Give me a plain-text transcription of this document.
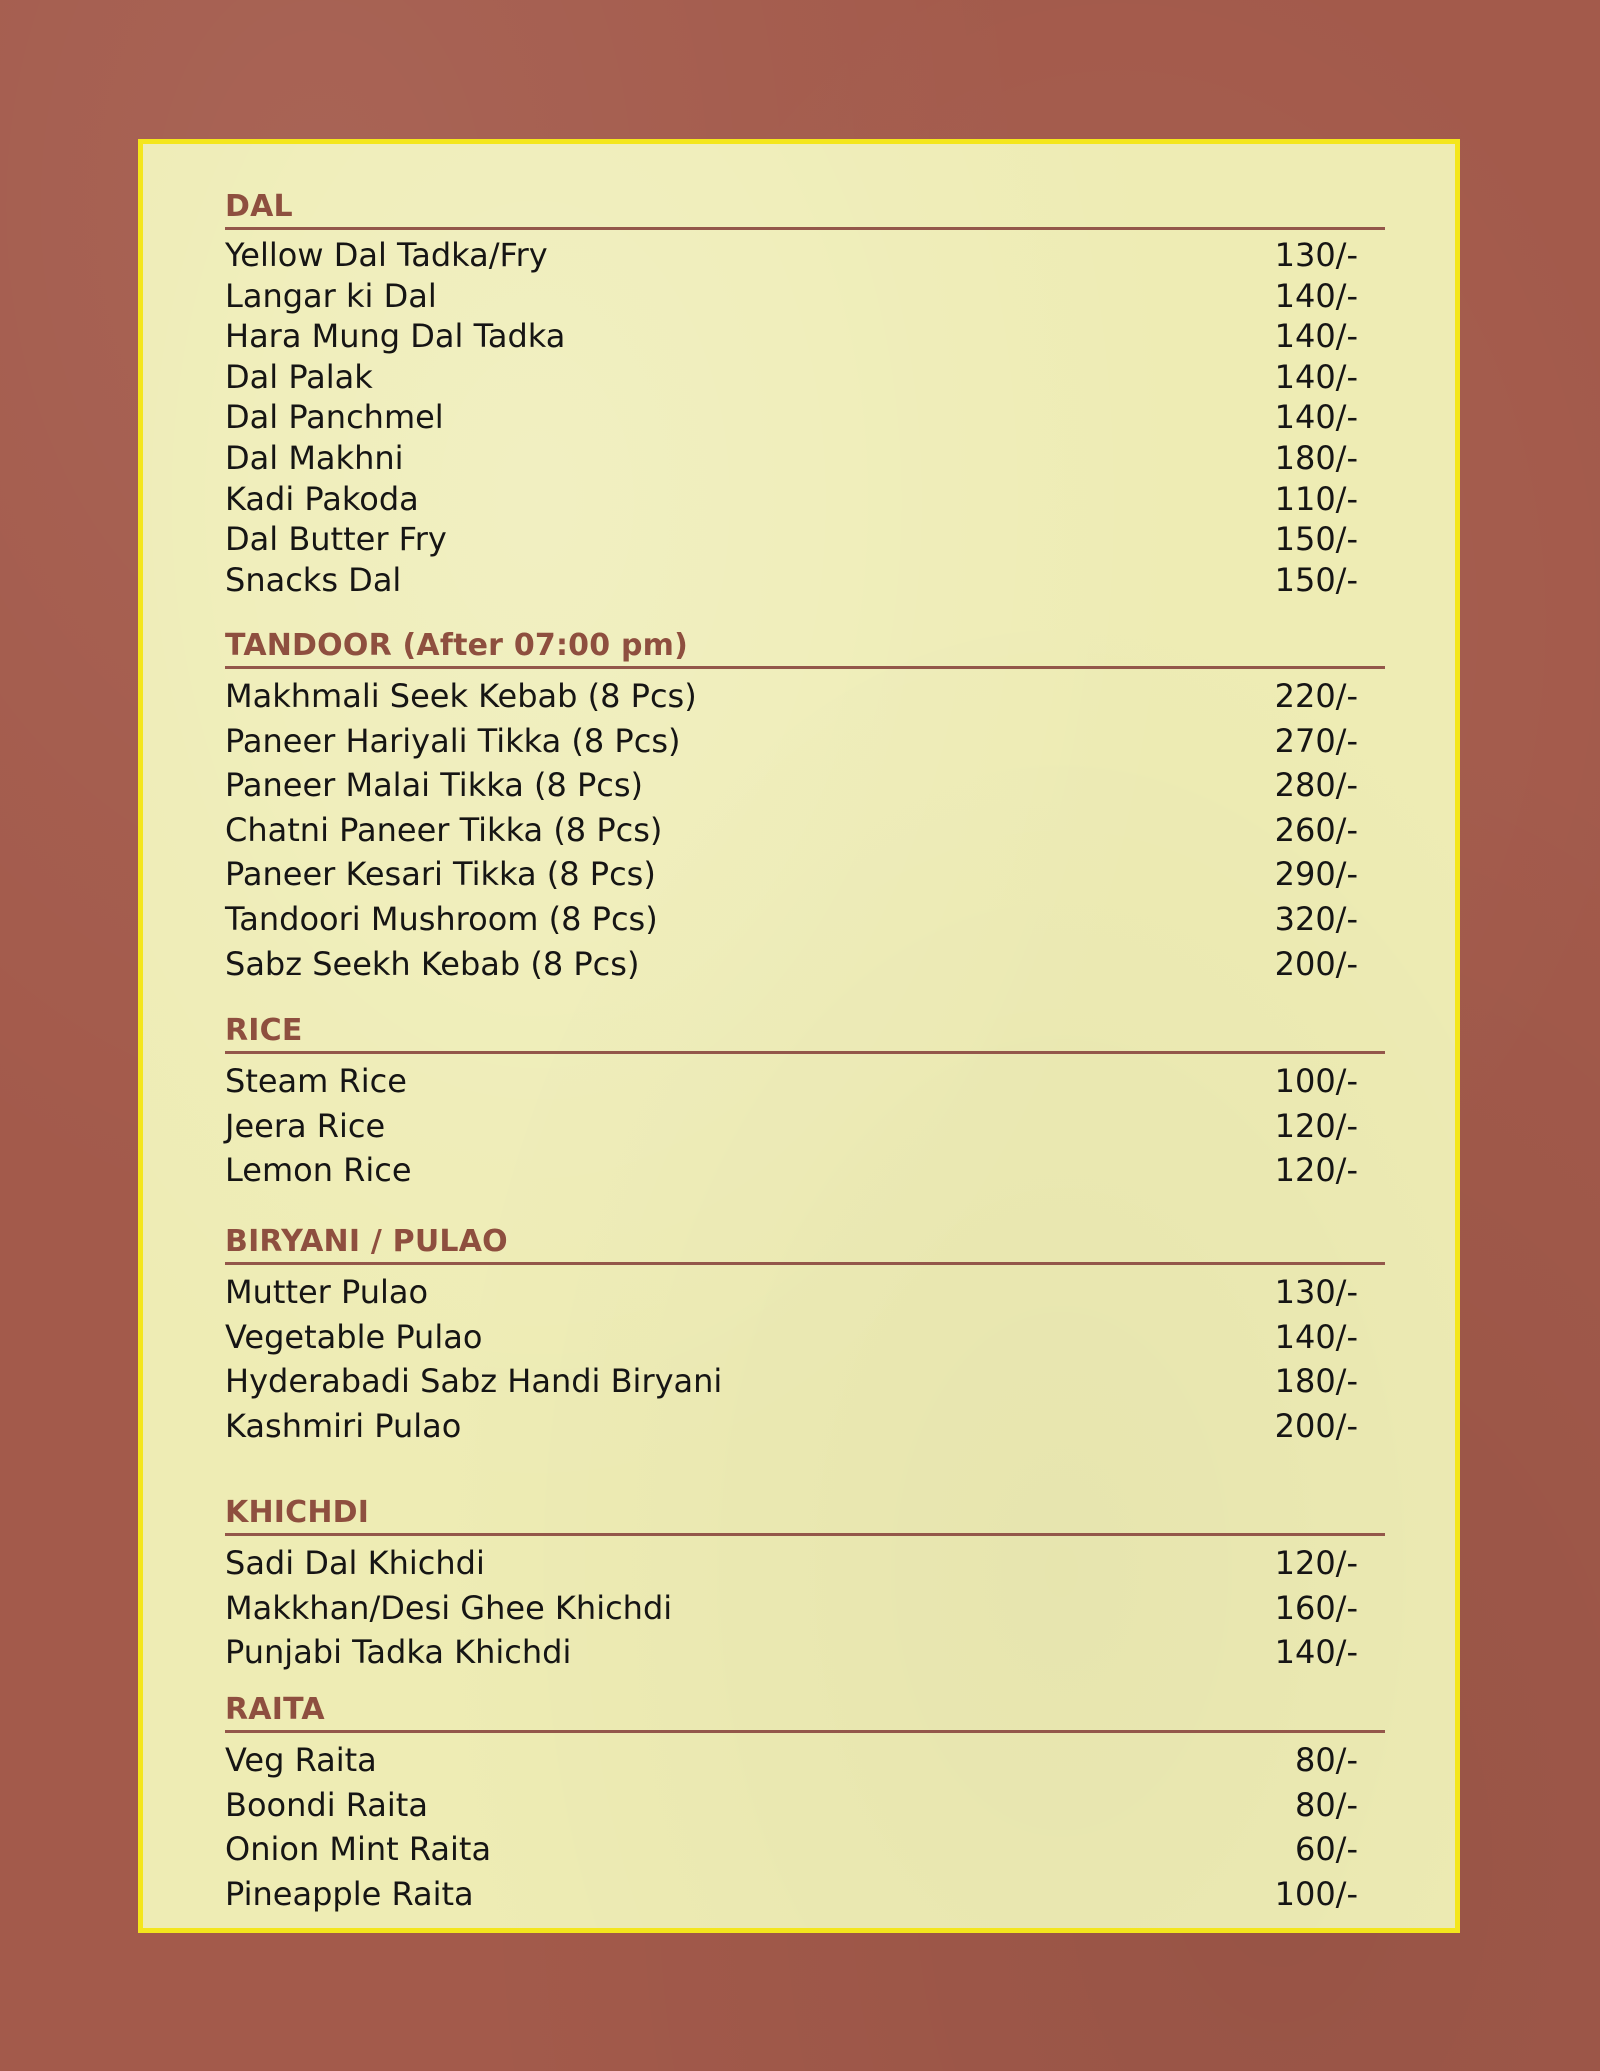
DAL
Yellow Dal Tadka/Fry	130/-
Langar ki Dal	140/-
Hara Mung Dal Tadka	140/-
Dal Palak	140/-
Dal Panchmel	140/-
Dal Makhni	180/-
Kadi Pakoda	110/-
Dal Butter Fry	150/-
Snacks Dal	150/-
TANDOOR (After 07:00 pm)
Makhmali Seek Kebab (8 Pcs)	220/-
Paneer Hariyali Tikka (8 Pcs)	270/-
Paneer Malai Tikka (8 Pcs)	280/-
Chatni Paneer Tikka (8 Pcs)	260/-
Paneer Kesari Tikka (8 Pcs)	290/-
Tandoori Mushroom (8 Pcs)	320/-
Sabz Seekh Kebab (8 Pcs)	200/-
RICE
Steam Rice	100/-
Jeera Rice	120/-
Lemon Rice	120/-
BIRYANI / PULAO
Mutter Pulao	130/-
Vegetable Pulao	140/-
Hyderabadi Sabz Handi Biryani	180/-
Kashmiri Pulao	200/-
KHICHDI
Sadi Dal Khichdi	120/-
Makkhan/Desi Ghee Khichdi	160/-
Punjabi Tadka Khichdi	140/-
RAITA
Veg Raita	80/-
Boondi Raita	80/-
Onion Mint Raita	60/-
Pineapple Raita	100/-
